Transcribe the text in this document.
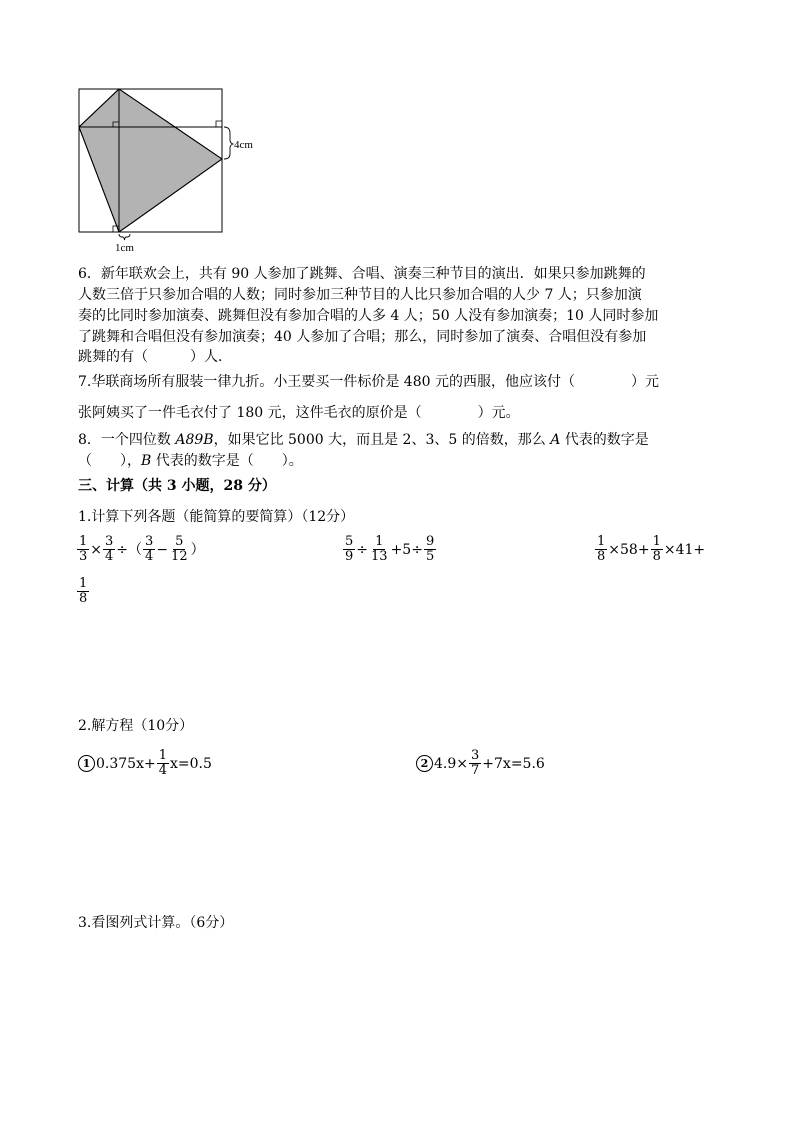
4cm
1cm
6．新年联欢会上，共有 90 人参加了跳舞、合唱、演奏三种节目的演出．如果只参加跳舞的
人数三倍于只参加合唱的人数；同时参加三种节目的人比只参加合唱的人少 7 人；只参加演
奏的比同时参加演奏、跳舞但没有参加合唱的人多 4 人；50 人没有参加演奏；10 人同时参加
了跳舞和合唱但没有参加演奏；40 人参加了合唱；那么，同时参加了演奏、合唱但没有参加
跳舞的有（　　　）人．
7.华联商场所有服装一律九折。小王要买一件标价是 480 元的西服，他应该付（　　　　）元
张阿姨买了一件毛衣付了 180 元，这件毛衣的原价是（　　　　）元。
8．一个四位数 A89B，如果它比 5000 大，而且是 2、3、5 的倍数，那么 A 代表的数字是
（　　），B 代表的数字是（　　）。
三、计算（共 3 小题，28 分）
1.计算下列各题（能简算的要简算）（12分）
$\frac{1}{3} \times \frac{3}{4}$ ÷（ $\frac{3}{4} - \frac{5}{12}$ ）	$\frac{5}{9} \div \frac{1}{13} +5\div \frac{9}{5}$	$\frac{1}{8} \times 58+ \frac{1}{8} \times 41+$
$\frac{1}{8}$
2.解方程（10分）
1 $0.375x+ \frac{1}{4} x=0.5$	2 $4.9\times \frac{3}{7} +7x=5.6$
3.看图列式计算。（6分）
